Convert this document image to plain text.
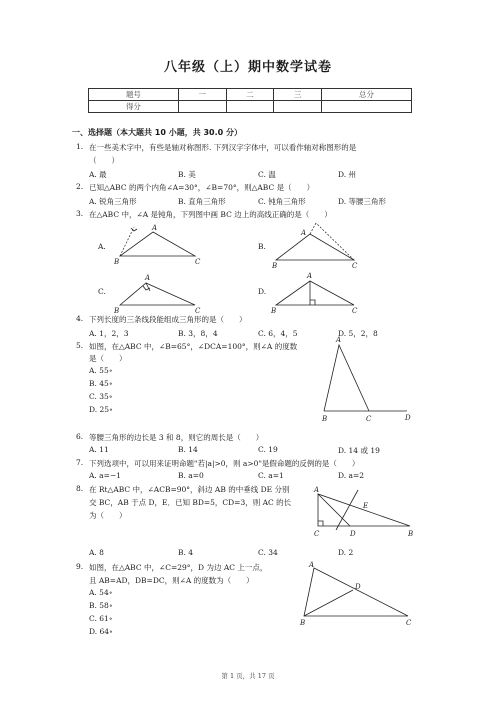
八年级（上）期中数学试卷
题号	一	二	三	总分
得分				
一、选择题（本大题共 10 小题，共 30.0 分）
1. 在一些美术字中，有些是轴对称图形. 下列汉字字体中，可以看作轴对称图形的是
（　　）
A. 最	B. 美	C. 温	D. 州
2. 已知△ABC 的两个内角∠A=30°，∠B=70°，则△ABC 是（　　）
A. 锐角三角形	B. 直角三角形	C. 钝角三角形	D. 等腰三角形
3. 在△ABC 中，∠A 是钝角，下列图中画 BC 边上的高线正确的是（　　）
A.	B.
C.	D.
A
B	C
A
B	C
A
B	C
A
B	C
4. 下列长度的三条线段能组成三角形的是（　　）
A. 1，2，3	B. 3，8，4	C. 6，4，5	D. 5，2，8
5. 如图，在△ABC 中，∠B=65°，∠DCA=100°，则∠A 的度数
是（　　）
A. 55∘
B. 45∘
C. 35∘
D. 25∘
A
B	C	D
6. 等腰三角形的边长是 3 和 8，则它的周长是（　　）
A. 11	B. 14	C. 19	D. 14 或 19
7. 下列选项中，可以用来证明命题"若|a|>0，则 a>0"是假命题的反例的是（　　）
A. a=−1	B. a=0	C. a=1	D. a=2
8. 在 Rt△ABC 中，∠ACB=90°，斜边 AB 的中垂线 DE 分别
交 BC，AB 于点 D，E．已知 BD=5，CD=3，则 AC 的长
为（　　）
A. 8	B. 4	C. 34	D. 2
A
C	D
E
B
9. 如图，在△ABC 中，∠C=29°，D 为边 AC 上一点，
且 AB=AD，DB=DC，则∠A 的度数为（　　）
A. 54∘
B. 58∘
C. 61∘
D. 64∘
A
B	C
D
第 1 页，共 17 页
